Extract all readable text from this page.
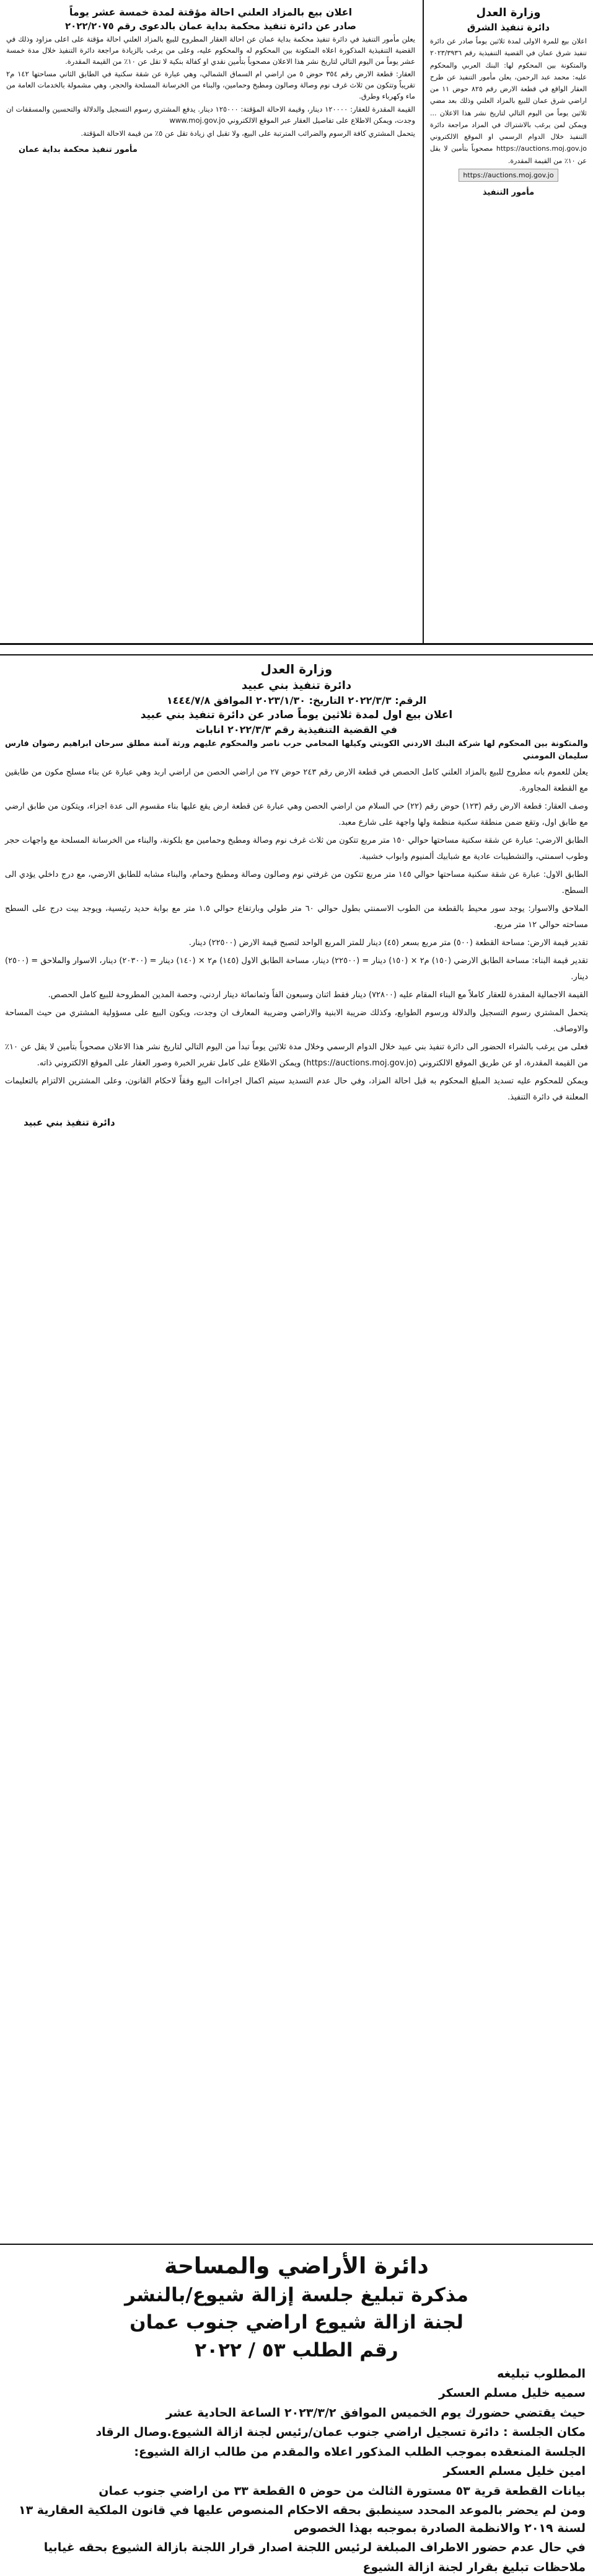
وزارة العدل
دائرة تنفيذ الشرق
اعلان بيع للمرة الاولى لمدة ثلاثين يوماً صادر عن دائرة تنفيذ شرق عمان في القضية التنفيذية رقم ٢٠٢٣/٣٩٣٦ والمتكونة بين المحكوم لها: البنك العربي والمحكوم عليه: محمد عبد الرحمن، يعلن مأمور التنفيذ عن طرح العقار الواقع في قطعة الارض رقم ٨٢٥ حوض ١١ من اراضي شرق عمان للبيع بالمزاد العلني وذلك بعد مضي ثلاثين يوماً من اليوم التالي لتاريخ نشر هذا الاعلان ... ويمكن لمن يرغب بالاشتراك في المزاد مراجعة دائرة التنفيذ خلال الدوام الرسمي او الموقع الالكتروني https://auctions.moj.gov.jo مصحوباً بتأمين لا يقل عن ١٠٪ من القيمة المقدرة.
https://auctions.moj.gov.jo
مأمور التنفيذ
اعلان بيع بالمزاد العلني احالة مؤقتة لمدة خمسة عشر يوماً
صادر عن دائرة تنفيذ محكمة بداية عمان بالدعوى رقم ٢٠٢٢/٢٠٧٥
يعلن مأمور التنفيذ في دائرة تنفيذ محكمة بداية عمان عن احالة العقار المطروح للبيع بالمزاد العلني احالة مؤقتة على اعلى مزاود وذلك في القضية التنفيذية المذكورة اعلاه المتكونة بين المحكوم له والمحكوم عليه، وعلى من يرغب بالزيادة مراجعة دائرة التنفيذ خلال مدة خمسة عشر يوماً من اليوم التالي لتاريخ نشر هذا الاعلان مصحوباً بتأمين نقدي او كفالة بنكية لا تقل عن ١٠٪ من القيمة المقدرة.
العقار: قطعة الارض رقم ٣٥٤ حوض ٥ من اراضي ام السماق الشمالي، وهي عبارة عن شقة سكنية في الطابق الثاني مساحتها ١٤٢ م٢ تقريباً وتتكون من ثلاث غرف نوم وصالة وصالون ومطبخ وحمامين، والبناء من الخرسانة المسلحة والحجر، وهي مشمولة بالخدمات العامة من ماء وكهرباء وطرق.
القيمة المقدرة للعقار: ١٢٠٠٠٠ دينار، وقيمة الاحالة المؤقتة: ١٢٥٠٠٠ دينار. يدفع المشتري رسوم التسجيل والدلالة والتحسين والمسقفات ان وجدت، ويمكن الاطلاع على تفاصيل العقار عبر الموقع الالكتروني www.moj.gov.jo
يتحمل المشتري كافة الرسوم والضرائب المترتبة على البيع، ولا تقبل اي زيادة تقل عن ٥٪ من قيمة الاحالة المؤقتة.
مأمور تنفيذ محكمة بداية عمان
وزارة العدل
دائرة تنفيذ بني عبيد
الرقم: ٢٠٢٢/٣/٣ التاريخ: ٢٠٢٣/١/٣٠ الموافق ١٤٤٤/٧/٨
اعلان بيع اول لمدة ثلاثين يوماً صادر عن دائرة تنفيذ بني عبيد
في القضية التنفيذية رقم ٢٠٢٢/٣/٣ انابات
والمتكونة بين المحكوم لها شركة البنك الاردني الكويتي وكيلها المحامي حرب ناصر والمحكوم عليهم ورثة آمنة مطلق سرحان ابراهيم رضوان فارس سليمان المومني
يعلن للعموم بانه مطروح للبيع بالمزاد العلني كامل الحصص في قطعة الارض رقم ٢٤٣ حوض ٢٧ من اراضي الحصن من اراضي اربد وهي عبارة عن بناء مسلح مكون من طابقين مع القطعة المجاورة.
وصف العقار: قطعة الارض رقم (١٢٣) حوض رقم (٢٢) حي السلام من اراضي الحصن وهي عبارة عن قطعة ارض يقع عليها بناء مقسوم الى عدة اجزاء، ويتكون من طابق ارضي مع طابق اول، وتقع ضمن منطقة سكنية منظمة ولها واجهة على شارع معبد.
الطابق الارضي: عبارة عن شقة سكنية مساحتها حوالي ١٥٠ متر مربع تتكون من ثلاث غرف نوم وصالة ومطبخ وحمامين مع بلكونة، والبناء من الخرسانة المسلحة مع واجهات حجر وطوب اسمنتي، والتشطيبات عادية مع شبابيك ألمنيوم وابواب خشبية.
الطابق الاول: عبارة عن شقة سكنية مساحتها حوالي ١٤٥ متر مربع تتكون من غرفتي نوم وصالون وصالة ومطبخ وحمام، والبناء مشابه للطابق الارضي، مع درج داخلي يؤدي الى السطح.
الملاحق والاسوار: يوجد سور محيط بالقطعة من الطوب الاسمنتي بطول حوالي ٦٠ متر طولي وبارتفاع حوالي ١.٥ متر مع بوابة حديد رئيسية، ويوجد بيت درج على السطح مساحته حوالي ١٢ متر مربع.
تقدير قيمة الارض: مساحة القطعة (٥٠٠) متر مربع بسعر (٤٥) دينار للمتر المربع الواحد لتصبح قيمة الارض (٢٢٥٠٠) دينار.
تقدير قيمة البناء: مساحة الطابق الارضي (١٥٠) م٢ × (١٥٠) دينار = (٢٢٥٠٠) دينار، مساحة الطابق الاول (١٤٥) م٢ × (١٤٠) دينار = (٢٠٣٠٠) دينار، الاسوار والملاحق = (٢٥٠٠) دينار.
القيمة الاجمالية المقدرة للعقار كاملاً مع البناء المقام عليه (٧٢٨٠٠) دينار فقط اثنان وسبعون الفاً وثمانمائة دينار اردني، وحصة المدين المطروحة للبيع كامل الحصص.
يتحمل المشتري رسوم التسجيل والدلالة ورسوم الطوابع، وكذلك ضريبة الابنية والاراضي وضريبة المعارف ان وجدت، ويكون البيع على مسؤولية المشتري من حيث المساحة والاوصاف.
فعلى من يرغب بالشراء الحضور الى دائرة تنفيذ بني عبيد خلال الدوام الرسمي وخلال مدة ثلاثين يوماً تبدأ من اليوم التالي لتاريخ نشر هذا الاعلان مصحوباً بتأمين لا يقل عن ١٠٪ من القيمة المقدرة، او عن طريق الموقع الالكتروني (https://auctions.moj.gov.jo) ويمكن الاطلاع على كامل تقرير الخبرة وصور العقار على الموقع الالكتروني ذاته.
ويمكن للمحكوم عليه تسديد المبلغ المحكوم به قبل احالة المزاد، وفي حال عدم التسديد سيتم اكمال اجراءات البيع وفقاً لاحكام القانون، وعلى المشترين الالتزام بالتعليمات المعلنة في دائرة التنفيذ.
دائرة تنفيذ بني عبيد
دائرة الأراضي والمساحة
مذكرة تبليغ جلسة إزالة شيوع/بالنشر
لجنة ازالة شيوع اراضي جنوب عمان
رقم الطلب ٥٣ / ٢٠٢٢
المطلوب تبليغه
سميه خليل مسلم العسكر
حيث يقتضي حضورك يوم الخميس الموافق ٢٠٢٣/٣/٢ الساعة الحادية عشر
مكان الجلسة : دائرة تسجيل اراضي جنوب عمان/رئيس لجنة ازالة الشيوع.وصال الرقاد
الجلسة المنعقده بموجب الطلب المذكور اعلاه والمقدم من طالب ازالة الشيوع:
امين خليل مسلم العسكر
بيانات القطعة قرية ٥٣ مستورة الثالث من حوض ٥ القطعة ٣٣ من اراضي جنوب عمان
ومن لم يحضر بالموعد المحدد سينطبق بحقه الاحكام المنصوص عليها في قانون الملكية العقارية ١٣ لسنة ٢٠١٩ والانظمة الصادرة بموجبه بهذا الخصوص
في حال عدم حضور الاطراف المبلغة لرئيس اللجنة اصدار قرار اللجنة بازالة الشيوع بحقه غيابيا
ملاحظات تبليغ بقرار لجنة ازالة الشيوع
